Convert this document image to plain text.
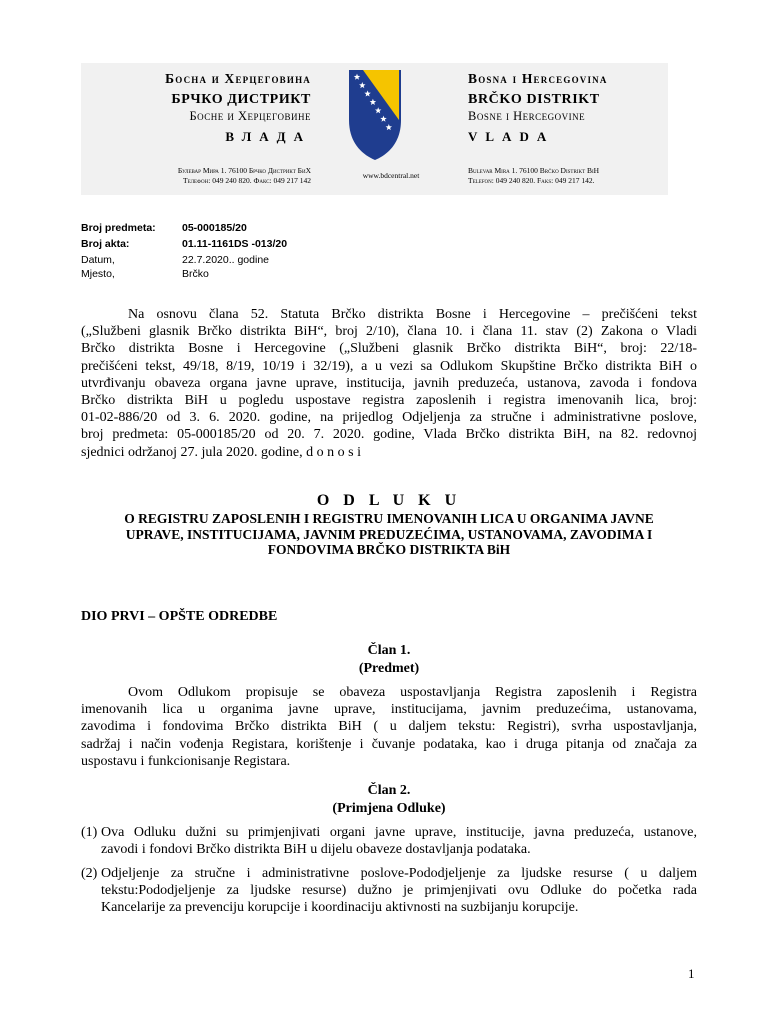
Босна и Херцеговина
БРЧКО ДИСТРИКТ
Босне и Херцеговине
ВЛАДА
Bosna i Hercegovina
BRČKO DISTRIKT
Bosne i Hercegovine
VLADA
Булевар Мира 1. 76100 Брчко Дистрикт БиХ
Телефон: 049 240 820. Факс: 049 217 142
www.bdcentral.net
Bulevar Mira 1. 76100 Brčko Distrikt BiH
Telefon: 049 240 820. Faks: 049 217 142.
Broj predmeta:	05-000185/20
Broj akta:	01.11-1161DS -013/20
Datum,	22.7.2020.. godine
Mjesto,	Brčko
Na osnovu člana 52. Statuta Brčko distrikta Bosne i Hercegovine – prečišćeni tekst
(„Službeni glasnik Brčko distrikta BiH“, broj 2/10), člana 10. i člana 11. stav (2) Zakona o Vladi
Brčko distrikta Bosne i Hercegovine („Službeni glasnik Brčko distrikta BiH“, broj: 22/18-
prečišćeni tekst, 49/18, 8/19, 10/19 i 32/19), a u vezi sa Odlukom Skupštine Brčko distrikta BiH o
utvrđivanju obaveza organa javne uprave, institucija, javnih preduzeća, ustanova, zavoda i fondova
Brčko distrikta BiH u pogledu uspostave registra zaposlenih i registra imenovanih lica, broj:
01-02-886/20 od 3. 6. 2020. godine, na prijedlog Odjeljenja za stručne i administrativne poslove,
broj predmeta: 05-000185/20 od 20. 7. 2020. godine, Vlada Brčko distrikta BiH, na 82. redovnoj
sjednici održanoj 27. jula 2020. godine, d o n o s i
O D L U K U
O REGISTRU ZAPOSLENIH I REGISTRU IMENOVANIH LICA U ORGANIMA JAVNE
UPRAVE, INSTITUCIJAMA, JAVNIM PREDUZEĆIMA, USTANOVAMA, ZAVODIMA I
FONDOVIMA BRČKO DISTRIKTA BiH
DIO PRVI – OPŠTE ODREDBE
Član 1.
(Predmet)
Ovom Odlukom propisuje se obaveza uspostavljanja Registra zaposlenih i Registra
imenovanih lica u organima javne uprave, institucijama, javnim preduzećima, ustanovama,
zavodima i fondovima Brčko distrikta BiH ( u daljem tekstu: Registri), svrha uspostavljanja,
sadržaj i način vođenja Registara, korištenje i čuvanje podataka, kao i druga pitanja od značaja za
uspostavu i funkcionisanje Registara.
Član 2.
(Primjena Odluke)
(1) Ova Odluku dužni su primjenjivati organi javne uprave, institucije, javna preduzeća, ustanove,
zavodi i fondovi Brčko distrikta BiH u dijelu obaveze dostavljanja podataka.
(2) Odjeljenje za stručne i administrativne poslove-Pododjeljenje za ljudske resurse ( u daljem
tekstu:Pododjeljenje za ljudske resurse) dužno je primjenjivati ovu Odluke do početka rada
Kancelarije za prevenciju korupcije i koordinaciju aktivnosti na suzbijanju korupcije.
1
